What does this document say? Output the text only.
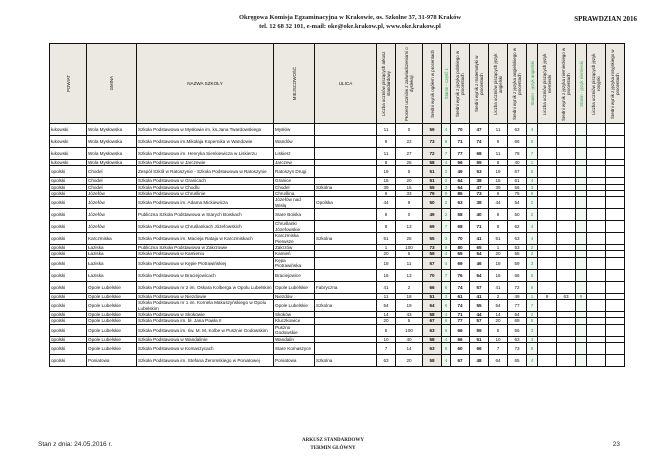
Okręgowa Komisja Egzaminacyjna w Krakowie, os. Szkolne 37, 31-978 Kraków
tel. 12 68 32 101, e-mail: oke@oke.krakow.pl, www.oke.krakow.pl
SPRAWDZIAN 2016
POWIAT	GMINA	NAZWA SZKOŁY	MIEJSCOWOŚĆ	ULICA	Liczba uczniów piszących arkusz standardowy	Procent uczniów z zaświadczeniami o dysleksji	Średni wynik ogółem w procentach	Stanin - część 1	Średni wynik z języka polskiego w procentach	Średni wynik z matematyki w procentach	Liczba uczniów piszących język angielski	Średni wynik z języka angielskiego w procentach	Stanin - język angielski	Liczba uczniów piszących język niemiecki	Średni wynik z języka niemieckiego w procentach	Stanin - język niemiecki	Liczba uczniów piszących język rosyjski	Średni wynik z języka rosyjskiego w procentach

łukowski	Wola Mysłowska	Szkoła Podstawowa w Mysłowie im. ks.Jana Twardowskiego	Mysłów		11	0	59	4	70	47	11	63	4					
łukowski	Wola Mysłowska	Szkoła Podstawowa im.Mikołaja Kopernika w Wandowie	Wandów		9	22	73	8	71	74	9	66	5					
łukowski	Wola Mysłowska	Szkoła Podstawowa im. Henryka Sienkiewicza w Liskierzu	Liskierz		11	27	72	7	77	68	11	78	7					
łukowski	Wola Mysłowska	Szkoła Podstawowa w Jarczewie	Jarczew		8	25	58	4	56	59	8	40	1					
opolski	Chodel	Zespół Szkół w Ratoszynie - Szkoła Podstawowa w Ratoszynie	Ratoszyn Drugi		19	5	51	2	49	53	19	67	5					
opolski	Chodel	Szkoła Podstawowa w Granicach	Granice		15	20	51	2	64	38	15	61	4					
opolski	Chodel	Szkoła Podstawowa w Chodlu	Chodel	Szkolna	39	15	55	3	64	47	39	56	3					
opolski	Józefów	Szkoła Podstawowa w Chruślinie	Chruślina		6	33	79	9	85	73	6	75	6					
opolski	Józefów	Szkoła Podstawowa im. Adama Mickiewicza	Józefów nad Wisłą	Opolska	44	9	50	2	63	38	44	54	2					
opolski	Józefów	Publiczna Szkoła Podstawowa w Starych Boiskach	Stare Boiska		6	0	49	2	58	40	6	50	2					
opolski	Józefów	Szkoła Podstawowa w Chruślankach Józefowskich	Chruślanki Józefowskie		8	13	69	7	68	71	8	62	4					
opolski	Karczmiska	Szkoła Podstawowa im. Macieja Rataja w Karczmiskach	Karczmiska Pierwsze	Szkolna	51	25	55	3	70	41	51	63	4					
opolski	Łaziska	Publiczna Szkoła Podstawowa w Zakrzowie	Zakrzów		1	100	73	8	80	65	1	53	2					
opolski	Łaziska	Szkoła Podstawowa w Kamieniu	Kamień		20	5	59	4	65	54	20	55	2					
opolski	Łaziska	Szkoła Podstawowa w Kępie Piotrawińskiej	Kępa Piotrawińska		18	11	57	4	69	46	18	59	3					
opolski	Łaziska	Szkoła Podstawowa w Braciejowicach	Braciejowice		16	13	70	7	76	64	16	66	5					
opolski	Opole Lubelskie	Szkoła Podstawowa nr 2 im. Oskara Kolberga w Opolu Lubelskim	Opole Lubelskie	Fabryczna	41	2	66	6	74	57	41	72	6					
opolski	Opole Lubelskie	Szkoła Podstawowa w Niezdowie	Niezdów		11	18	51	2	61	41	2	49	1	9	63	8		
opolski	Opole Lubelskie	Szkoła Podstawowa nr 1 im. Kornela Makuszyńskiego w Opolu Lubelskim	Opole Lubelskie	Szkolna	54	19	64	6	74	55	54	77	7					
opolski	Opole Lubelskie	Szkoła Podstawowa w Skokowie	Skoków		14	43	58	4	71	44	14	54	2					
opolski	Opole Lubelskie	Szkoła Podstawowa im. bł. Jana Pawła II	Kluczkowice		20	5	67	6	77	57	20	69	5					
opolski	Opole Lubelskie	Szkoła Podstawowa im. św. M. M. Kolbe w Pusznie Godowskim	Puszno Godowskie		5	100	63	5	66	59	5	56	3					
opolski	Opole Lubelskie	Szkoła Podstawowa w Wandalinie	Wandalin		10	40	58	4	66	51	10	63	4					
opolski	Opole Lubelskie	Szkoła Podstawowa w Komaszycach	Stare Komaszyce		7	14	63	5	60	66	7	73	6					
opolski	Poniatowa	Szkoła Podstawowa im. Stefana Żeromskiego w Poniatowej	Poniatowa	Szkolna	63	20	58	4	67	48	64	65	4					
Stan z dnia: 24.05.2016 r.
ARKUSZ STANDARDOWY
TERMIN GŁÓWNY
23
